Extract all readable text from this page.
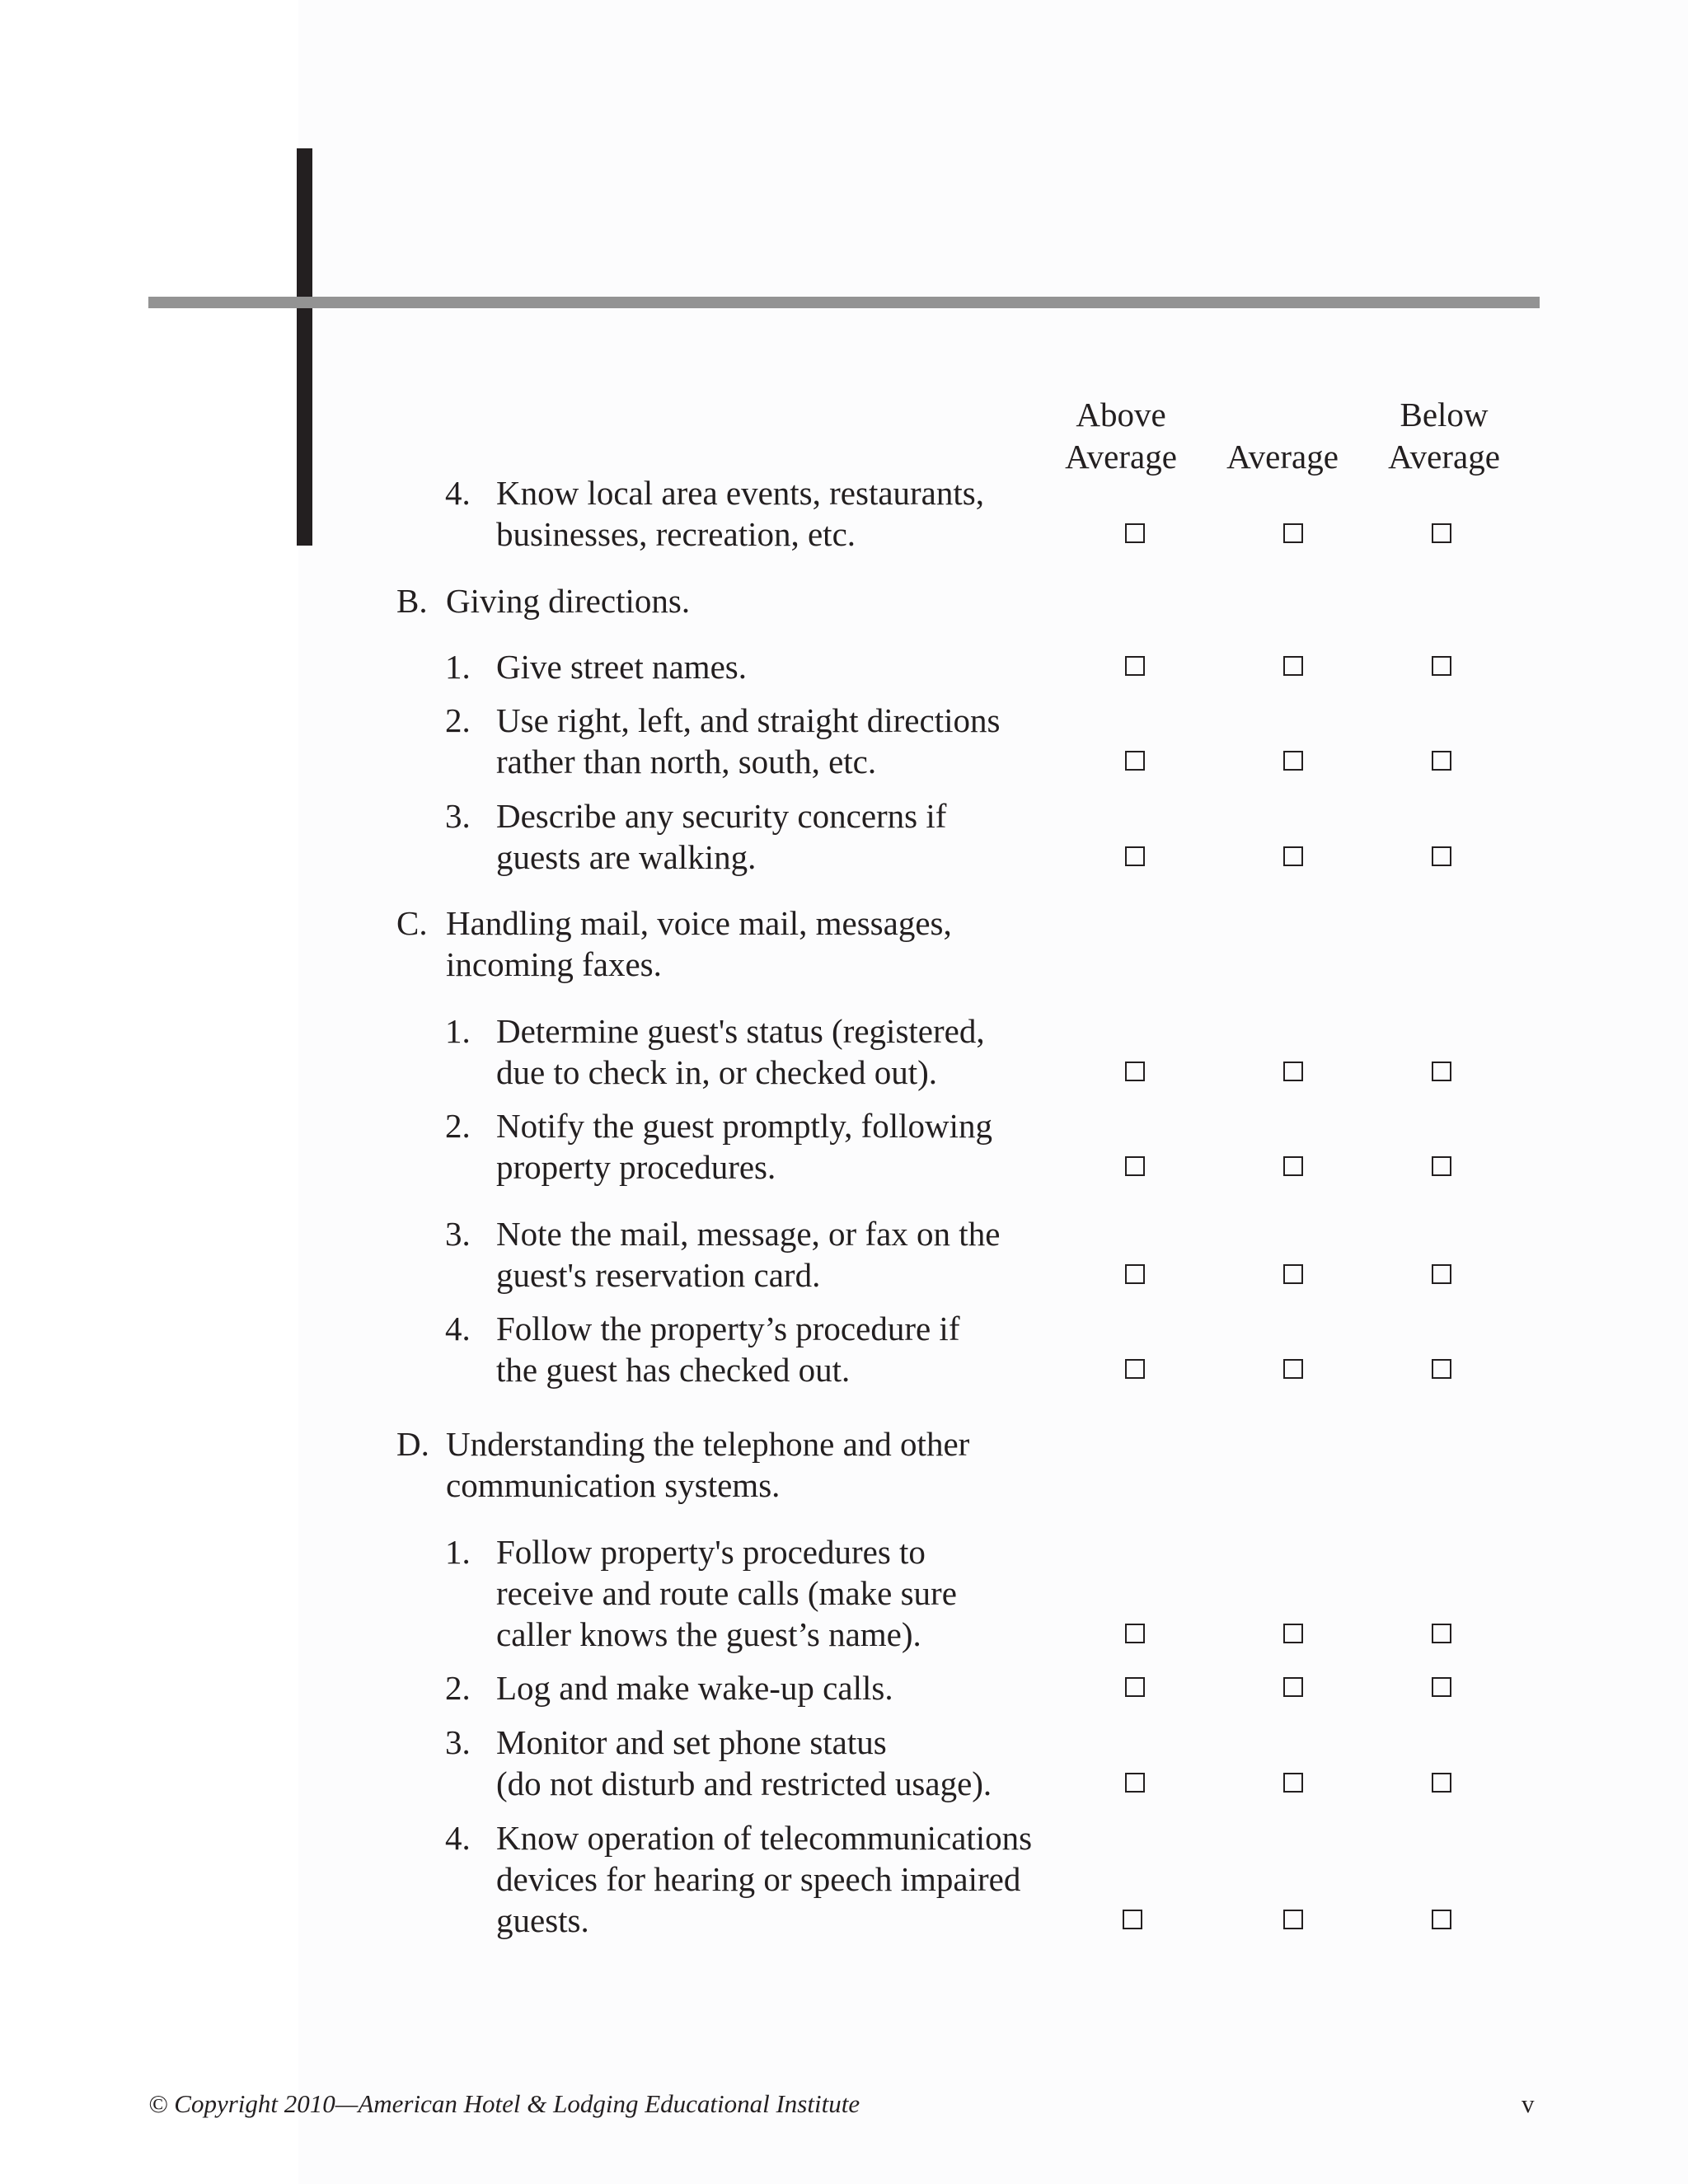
Above
Average Average
Below
Average
4. Know local area events, restaurants,
businesses, recreation, etc.
B. Giving directions.
1. Give street names.
2. Use right, left, and straight directions
rather than north, south, etc.
3. Describe any security concerns if
guests are walking.
C. Handling mail, voice mail, messages,
incoming faxes.
1. Determine guest's status (registered,
due to check in, or checked out).
2. Notify the guest promptly, following
property procedures.
3. Note the mail, message, or fax on the
guest's reservation card.
4. Follow the property’s procedure if
the guest has checked out.
D. Understanding the telephone and other
communication systems.
1. Follow property's procedures to
receive and route calls (make sure
caller knows the guest’s name).
2. Log and make wake-up calls.
3. Monitor and set phone status
(do not disturb and restricted usage).
4. Know operation of telecommunications
devices for hearing or speech impaired
guests.
© Copyright 2010—American Hotel & Lodging Educational Institute	v
